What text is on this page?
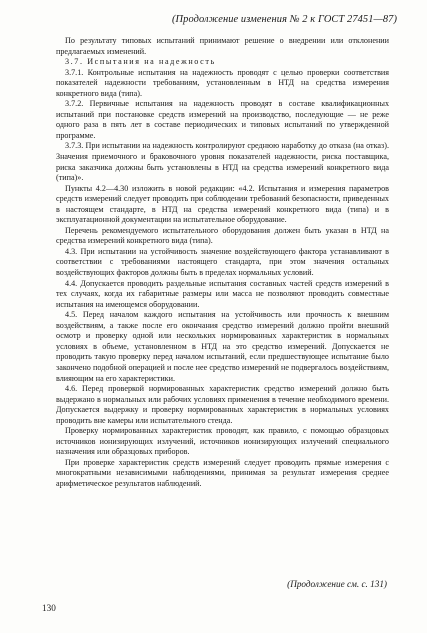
(Продолжение изменения № 2 к ГОСТ 27451—87)

По результату типовых испытаний принимают решение о внедрении или отклонении предлагаемых изменений.

3.7. Испытания на надежность

3.7.1. Контрольные испытания на надежность проводят с целью проверки соответствия показателей надежности требованиям, установленным в НТД на средства измерения конкретного вида (типа).

3.7.2. Первичные испытания на надежность проводят в составе квалификационных испытаний при постановке средств измерений на производство, последующие — не реже одного раза в пять лет в составе периодических и типовых испытаний по утвержденной программе.

3.7.3. При испытании на надежность контролируют среднюю наработку до отказа (на отказ). Значения приемочного и браковочного уровня показателей надежности, риска поставщика, риска заказчика должны быть установлены в НТД на средства измерений конкретного вида (типа)».

Пункты 4.2—4.30 изложить в новой редакции: «4.2. Испытания и измерения параметров средств измерений следует проводить при соблюдении требований безопасности, приведенных в настоящем стандарте, в НТД на средства измерений конкретного вида (типа) и в эксплуатационной документации на испытательное оборудование.

Перечень рекомендуемого испытательного оборудования должен быть указан в НТД на средства измерений конкретного вида (типа).

4.3. При испытании на устойчивость значение воздействующего фактора устанавливают в соответствии с требованиями настоящего стандарта, при этом значения остальных воздействующих факторов должны быть в пределах нормальных условий.

4.4. Допускается проводить раздельные испытания составных частей средств измерений в тех случаях, когда их габаритные размеры или масса не позволяют проводить совместные испытания на имеющемся оборудовании.

4.5. Перед началом каждого испытания на устойчивость или прочность к внешним воздействиям, а также после его окончания средство измерений должно пройти внешний осмотр и проверку одной или нескольких нормированных характеристик в нормальных условиях в объеме, установленном в НТД на это средство измерений. Допускается не проводить такую проверку перед началом испытаний, если предшествующее испытание было закончено подобной операцией и после нее средство измерений не подвергалось воздействиям, влияющим на его характеристики.

4.6. Перед проверкой нормированных характеристик средство измерений должно быть выдержано в нормальных или рабочих условиях применения в течение необходимого времени. Допускается выдержку и проверку нормированных характеристик в нормальных условиях проводить вне камеры или испытательного стенда.

Проверку нормированных характеристик проводят, как правило, с помощью образцовых источников ионизирующих излучений, источников ионизирующих излучений специального назначения или образцовых приборов.

При проверке характеристик средств измерений следует проводить прямые измерения с многократными независимыми наблюдениями, принимая за результат измерения среднее арифметическое результатов наблюдений.

(Продолжение см. с. 131)
130
